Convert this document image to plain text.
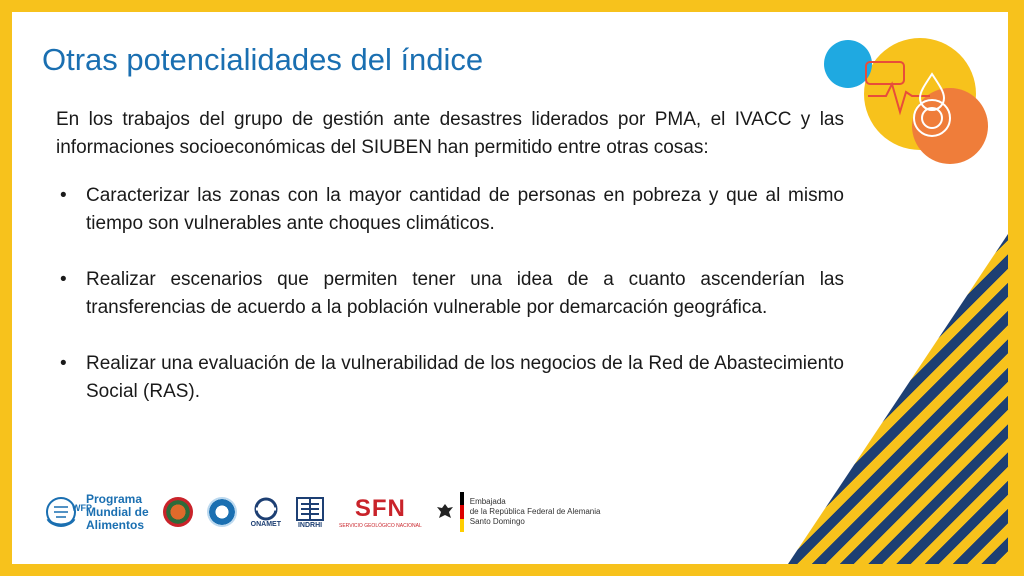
Otras potencialidades del índice

En los trabajos del grupo de gestión ante desastres liderados por PMA, el IVACC y las informaciones socioeconómicas del SIUBEN han permitido entre otras cosas:

• Caracterizar las zonas con la mayor cantidad de personas en pobreza y que al mismo tiempo son vulnerables ante choques climáticos.
• Realizar escenarios que permiten tener una idea de a cuanto ascenderían las transferencias de acuerdo a la población vulnerable por demarcación geográfica.
• Realizar una evaluación de la vulnerabilidad de los negocios de la Red de Abastecimiento Social (RAS).
WFP
Programa
Mundial de
Alimentos	ONAMET INDRHI
SFN
SERVICIO GEOLÓGICO NACIONAL
Embajada
de la República Federal de Alemania
Santo Domingo
